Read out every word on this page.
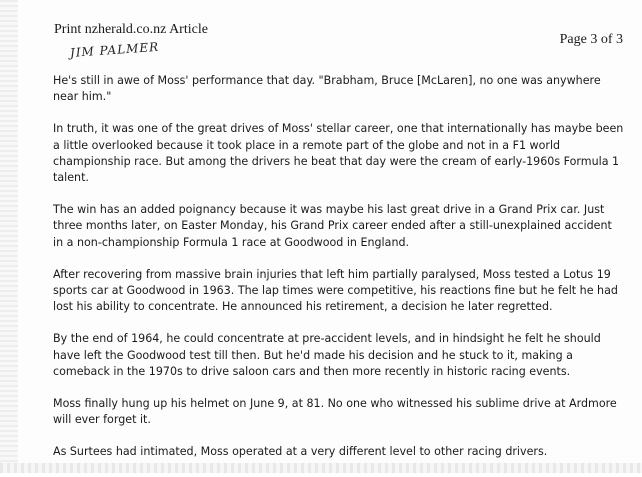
Print nzherald.co.nz Article
Page 3 of 3
JIM PALMER

He's still in awe of Moss' performance that day. "Brabham, Bruce [McLaren], no one was anywhere near him."

In truth, it was one of the great drives of Moss' stellar career, one that internationally has maybe been a little overlooked because it took place in a remote part of the globe and not in a F1 world championship race. But among the drivers he beat that day were the cream of early-1960s Formula 1 talent.

The win has an added poignancy because it was maybe his last great drive in a Grand Prix car. Just three months later, on Easter Monday, his Grand Prix career ended after a still-unexplained accident in a non-championship Formula 1 race at Goodwood in England.

After recovering from massive brain injuries that left him partially paralysed, Moss tested a Lotus 19 sports car at Goodwood in 1963. The lap times were competitive, his reactions fine but he felt he had lost his ability to concentrate. He announced his retirement, a decision he later regretted.

By the end of 1964, he could concentrate at pre-accident levels, and in hindsight he felt he should have left the Goodwood test till then. But he'd made his decision and he stuck to it, making a comeback in the 1970s to drive saloon cars and then more recently in historic racing events.

Moss finally hung up his helmet on June 9, at 81. No one who witnessed his sublime drive at Ardmore will ever forget it.

As Surtees had intimated, Moss operated at a very different level to other racing drivers.
